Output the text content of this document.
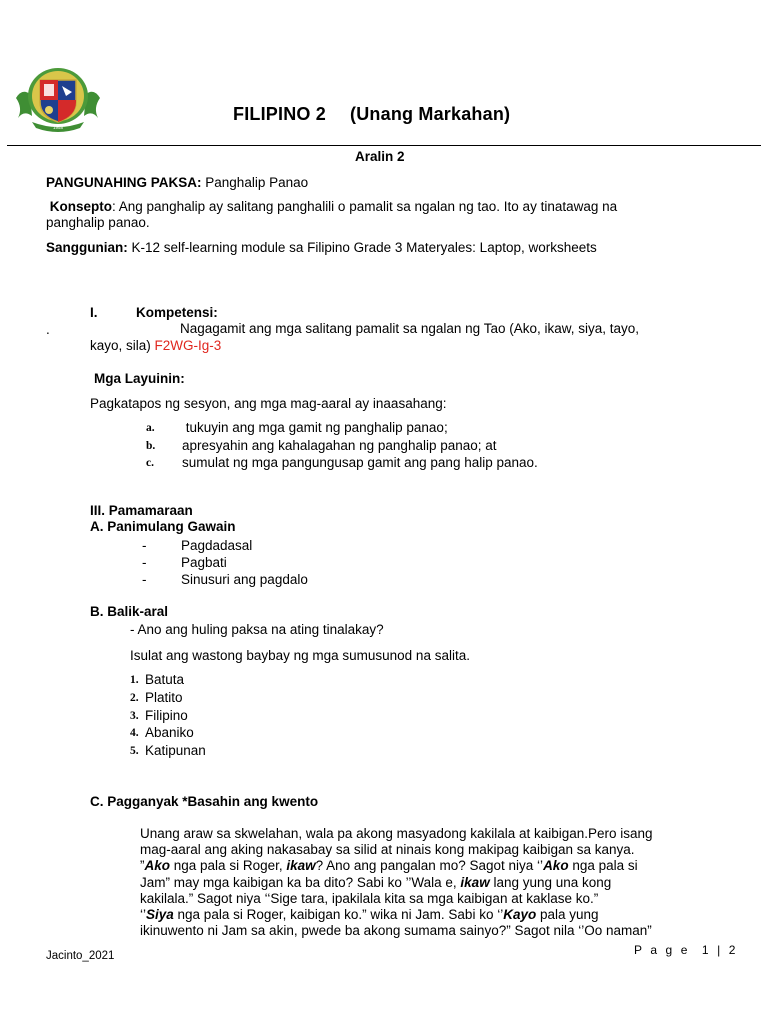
1958
FILIPINO 2 (Unang Markahan)
Aralin 2
PANGUNAHING PAKSA: Panghalip Panao
Konsepto: Ang panghalip ay salitang panghalili o pamalit sa ngalan ng tao. Ito ay tinatawag na
panghalip panao.
Sanggunian: K-12 self-learning module sa Filipino Grade 3 Materyales: Laptop, worksheets
I.	Kompetensi:
.	Nagagamit ang mga salitang pamalit sa ngalan ng Tao (Ako, ikaw, siya, tayo,
kayo, sila) F2WG-Ig-3
Mga Layuinin:
Pagkatapos ng sesyon, ang mga mag-aaral ay inaasahang:
a. tukuyin ang mga gamit ng panghalip panao;
b. apresyahin ang kahalagahan ng panghalip panao; at
c. sumulat ng mga pangungusap gamit ang pang halip panao.
III. Pamamaraan
A. Panimulang Gawain
-	Pagdadasal
-	Pagbati
-	Sinusuri ang pagdalo
B. Balik-aral
- Ano ang huling paksa na ating tinalakay?
Isulat ang wastong baybay ng mga sumusunod na salita.
1. Batuta
2. Platito
3. Filipino
4. Abaniko
5. Katipunan
C. Pagganyak *Basahin ang kwento
Unang araw sa skwelahan, wala pa akong masyadong kakilala at kaibigan.Pero isang
mag-aaral ang aking nakasabay sa silid at ninais kong makipag kaibigan sa kanya.
”Ako nga pala si Roger, ikaw? Ano ang pangalan mo? Sagot niya ‘’Ako nga pala si
Jam” may mga kaibigan ka ba dito? Sabi ko ’’Wala e, ikaw lang yung una kong
kakilala.” Sagot niya ‘‘Sige tara, ipakilala kita sa mga kaibigan at kaklase ko.”
‘’Siya nga pala si Roger, kaibigan ko.” wika ni Jam. Sabi ko ‘’Kayo pala yung
ikinuwento ni Jam sa akin, pwede ba akong sumama sainyo?” Sagot nila ‘’Oo naman”
P a g e  1 | 2
Jacinto_2021
